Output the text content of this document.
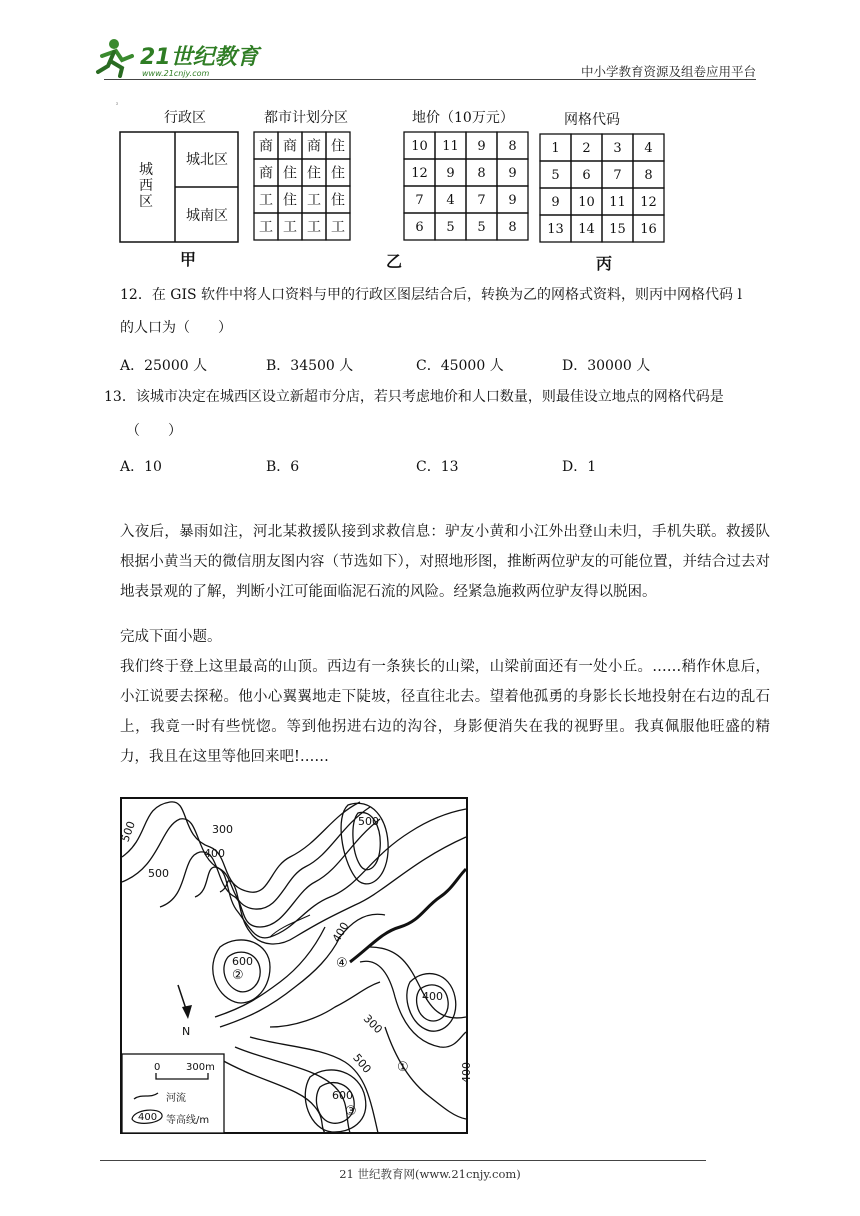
21世纪教育
www.21cnjy.com	中小学教育资源及组卷应用平台
²
行政区
城
西
区
城北区
城南区
甲
都市计划分区	地价（10万元）
商 商 商 住
商 住 住 住
工 住 工 住
工 工 工 工
10 11 9 8
12 9 8 9
7 4 7 9
6 5 5 8
乙
网格代码
1 2 3 4
5 6 7 8
9 10 11 12
13 14 15 16
丙
12．在 GIS 软件中将人口资料与甲的行政区图层结合后，转换为乙的网格式资料，则丙中网格代码 l
的人口为（　　）
A．25000 人	B．34500 人	C．45000 人	D．30000 人
13．该城市决定在城西区设立新超市分店，若只考虑地价和人口数量，则最佳设立地点的网格代码是
（　　）
A．10	B．6	C．13	D．1
入夜后，暴雨如注，河北某救援队接到求救信息：驴友小黄和小江外出登山未归，手机失联。救援队根据小黄当天的微信朋友图内容（节选如下），对照地形图，推断两位驴友的可能位置，并结合过去对地表景观的了解，判断小江可能面临泥石流的风险。经紧急施救两位驴友得以脱困。
完成下面小题。
我们终于登上这里最高的山顶。西边有一条狭长的山梁，山梁前面还有一处小丘。……稍作休息后，小江说要去探秘。他小心翼翼地走下陡坡，径直往北去。望着他孤勇的身影长长地投射在右边的乱石上，我竟一时有些恍惚。等到他拐进右边的沟谷，身影便消失在我的视野里。我真佩服他旺盛的精力，我且在这里等他回来吧!……
500	300
400
500
600
500
400
300
500
600
400
400
①
②
③
④
N
0	300m
河流
400 等高线/m
21 世纪教育网(www.21cnjy.com)
